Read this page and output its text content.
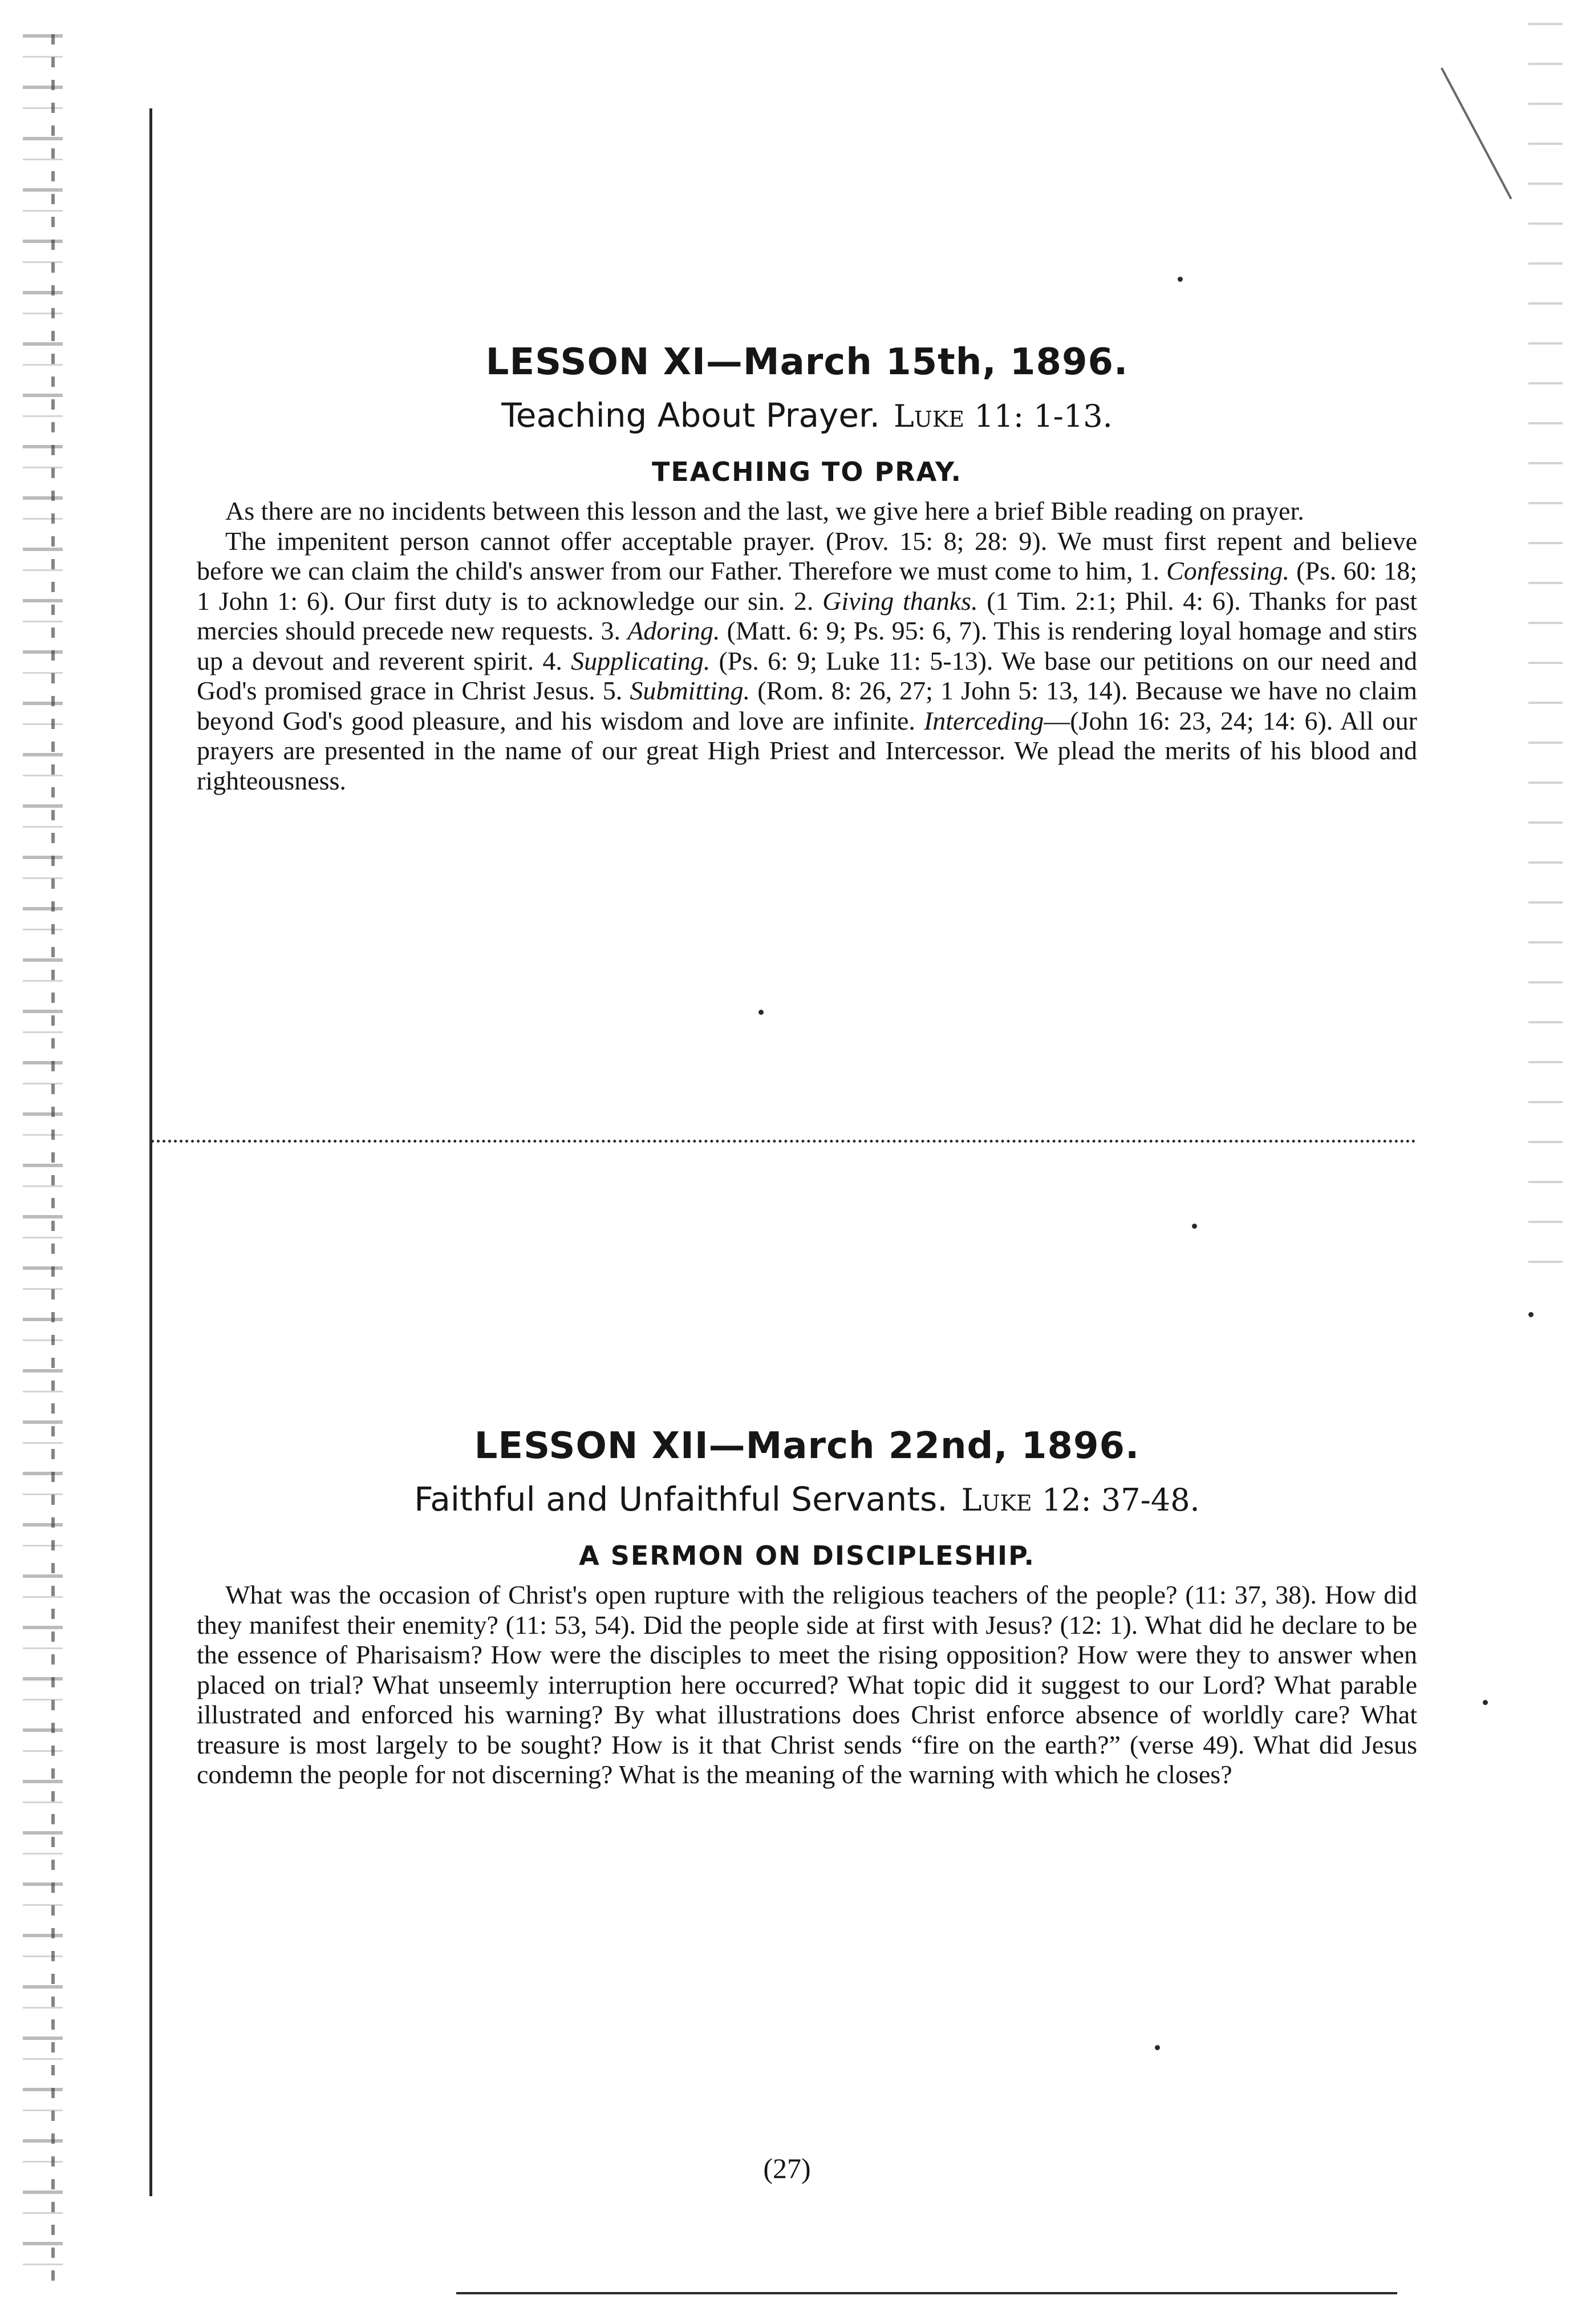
LESSON XI—March 15th, 1896.

Teaching About Prayer. Luke 11: 1-13.

TEACHING TO PRAY.

As there are no incidents between this lesson and the last, we give here a brief Bible reading on prayer.

The impenitent person cannot offer acceptable prayer. (Prov. 15: 8; 28: 9). We must first repent and believe before we can claim the child's answer from our Father. Therefore we must come to him, 1. Confessing. (Ps. 60: 18; 1 John 1: 6). Our first duty is to acknowledge our sin. 2. Giving thanks. (1 Tim. 2:1; Phil. 4: 6). Thanks for past mercies should precede new requests. 3. Adoring. (Matt. 6: 9; Ps. 95: 6, 7). This is rendering loyal homage and stirs up a devout and reverent spirit. 4. Supplicating. (Ps. 6: 9; Luke 11: 5-13). We base our petitions on our need and God's promised grace in Christ Jesus. 5. Submitting. (Rom. 8: 26, 27; 1 John 5: 13, 14). Because we have no claim beyond God's good pleasure, and his wisdom and love are infinite. Interceding—(John 16: 23, 24; 14: 6). All our prayers are presented in the name of our great High Priest and Intercessor. We plead the merits of his blood and righteousness.

LESSON XII—March 22nd, 1896.

Faithful and Unfaithful Servants. Luke 12: 37-48.

A SERMON ON DISCIPLESHIP.

What was the occasion of Christ's open rupture with the religious teachers of the people? (11: 37, 38). How did they manifest their enemity? (11: 53, 54). Did the people side at first with Jesus? (12: 1). What did he declare to be the essence of Pharisaism? How were the disciples to meet the rising opposition? How were they to answer when placed on trial? What unseemly interruption here occurred? What topic did it suggest to our Lord? What parable illustrated and enforced his warning? By what illustrations does Christ enforce absence of worldly care? What treasure is most largely to be sought? How is it that Christ sends “fire on the earth?” (verse 49). What did Jesus condemn the people for not discerning? What is the meaning of the warning with which he closes?

(27)
